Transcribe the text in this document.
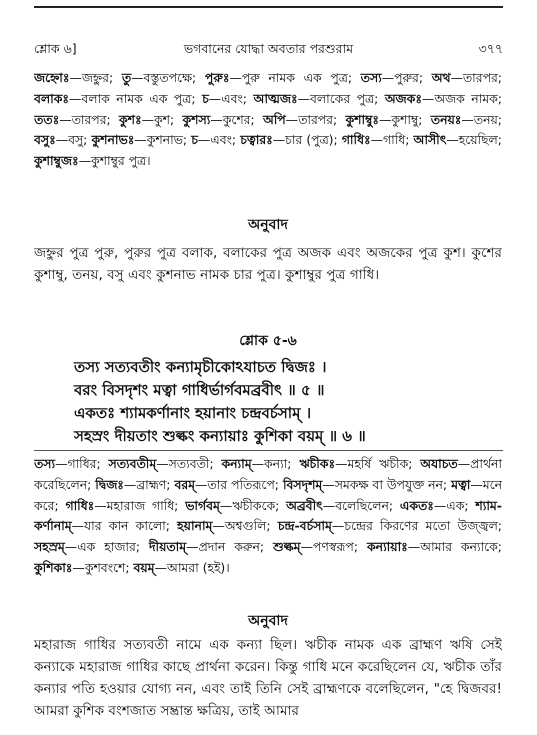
শ্লোক ৬]	ভগবানের যোদ্ধা অবতার পরশুরাম	৩৭৭
জহ্নোঃ—জহ্নুর; তু—বস্তুতপক্ষে; পুরুঃ—পুরু নামক এক পুত্র; তস্য—পুরুর; অথ—তারপর; বলাকঃ—বলাক নামক এক পুত্র; চ—এবং; আত্মজঃ—বলাকের পুত্র; অজকঃ—অজক নামক; ততঃ—তারপর; কুশঃ—কুশ; কুশস্য—কুশের; অপি—তারপর; কুশাম্বুঃ—কুশাম্বু; তনয়ঃ—তনয়; বসুঃ—বসু; কুশনাভঃ—কুশনাভ; চ—এবং; চত্বারঃ—চার (পুত্র); গাধিঃ—গাধি; আসীৎ—হয়েছিল; কুশাম্বুজঃ—কুশাম্বুর পুত্র।
অনুবাদ
জহ্নুর পুত্র পুরু, পুরুর পুত্র বলাক, বলাকের পুত্র অজক এবং অজকের পুত্র কুশ। কুশের কুশাম্বু, তনয়, বসু এবং কুশনাভ নামক চার পুত্র। কুশাম্বুর পুত্র গাধি।
শ্লোক ৫-৬
তস্য সত্যবতীং কন্যামৃচীকোঽযাচত দ্বিজঃ ।
বরং বিসদৃশং মত্বা গাধির্ভার্গবমব্রবীৎ ॥ ৫ ॥
একতঃ শ্যামকর্ণানাং হয়ানাং চন্দ্রবর্চসাম্ ।
সহস্রং দীয়তাং শুল্কং কন্যায়াঃ কুশিকা বয়ম্ ॥ ৬ ॥
তস্য—গাধির; সত্যবতীম্—সত্যবতী; কন্যাম্—কন্যা; ঋচীকঃ—মহর্ষি ঋচীক; অযাচত—প্রার্থনা করেছিলেন; দ্বিজঃ—ব্রাহ্মণ; বরম্—তার পতিরূপে; বিসদৃশম্—সমকক্ষ বা উপযুক্ত নন; মত্বা—মনে করে; গাধিঃ—মহারাজ গাধি; ভার্গবম্—ঋচীককে; অব্রবীৎ—বলেছিলেন; একতঃ—এক; শ্যাম-কর্ণানাম্—যার কান কালো; হয়ানাম্—অশ্বগুলি; চন্দ্র-বর্চসাম্—চন্দ্রের কিরণের মতো উজ্জ্বল; সহস্রম্—এক হাজার; দীয়তাম্—প্রদান করুন; শুল্কম্—পণস্বরূপ; কন্যায়াঃ—আমার কন্যাকে; কুশিকাঃ—কুশবংশে; বয়ম্—আমরা (হই)।
অনুবাদ
মহারাজ গাধির সত্যবতী নামে এক কন্যা ছিল। ঋচীক নামক এক ব্রাহ্মণ ঋষি সেই কন্যাকে মহারাজ গাধির কাছে প্রার্থনা করেন। কিন্তু গাধি মনে করেছিলেন যে, ঋচীক তাঁর কন্যার পতি হওয়ার যোগ্য নন, এবং তাই তিনি সেই ব্রাহ্মণকে বলেছিলেন, "হে দ্বিজবর! আমরা কুশিক বংশজাত সম্ভ্রান্ত ক্ষত্রিয়, তাই আমার
